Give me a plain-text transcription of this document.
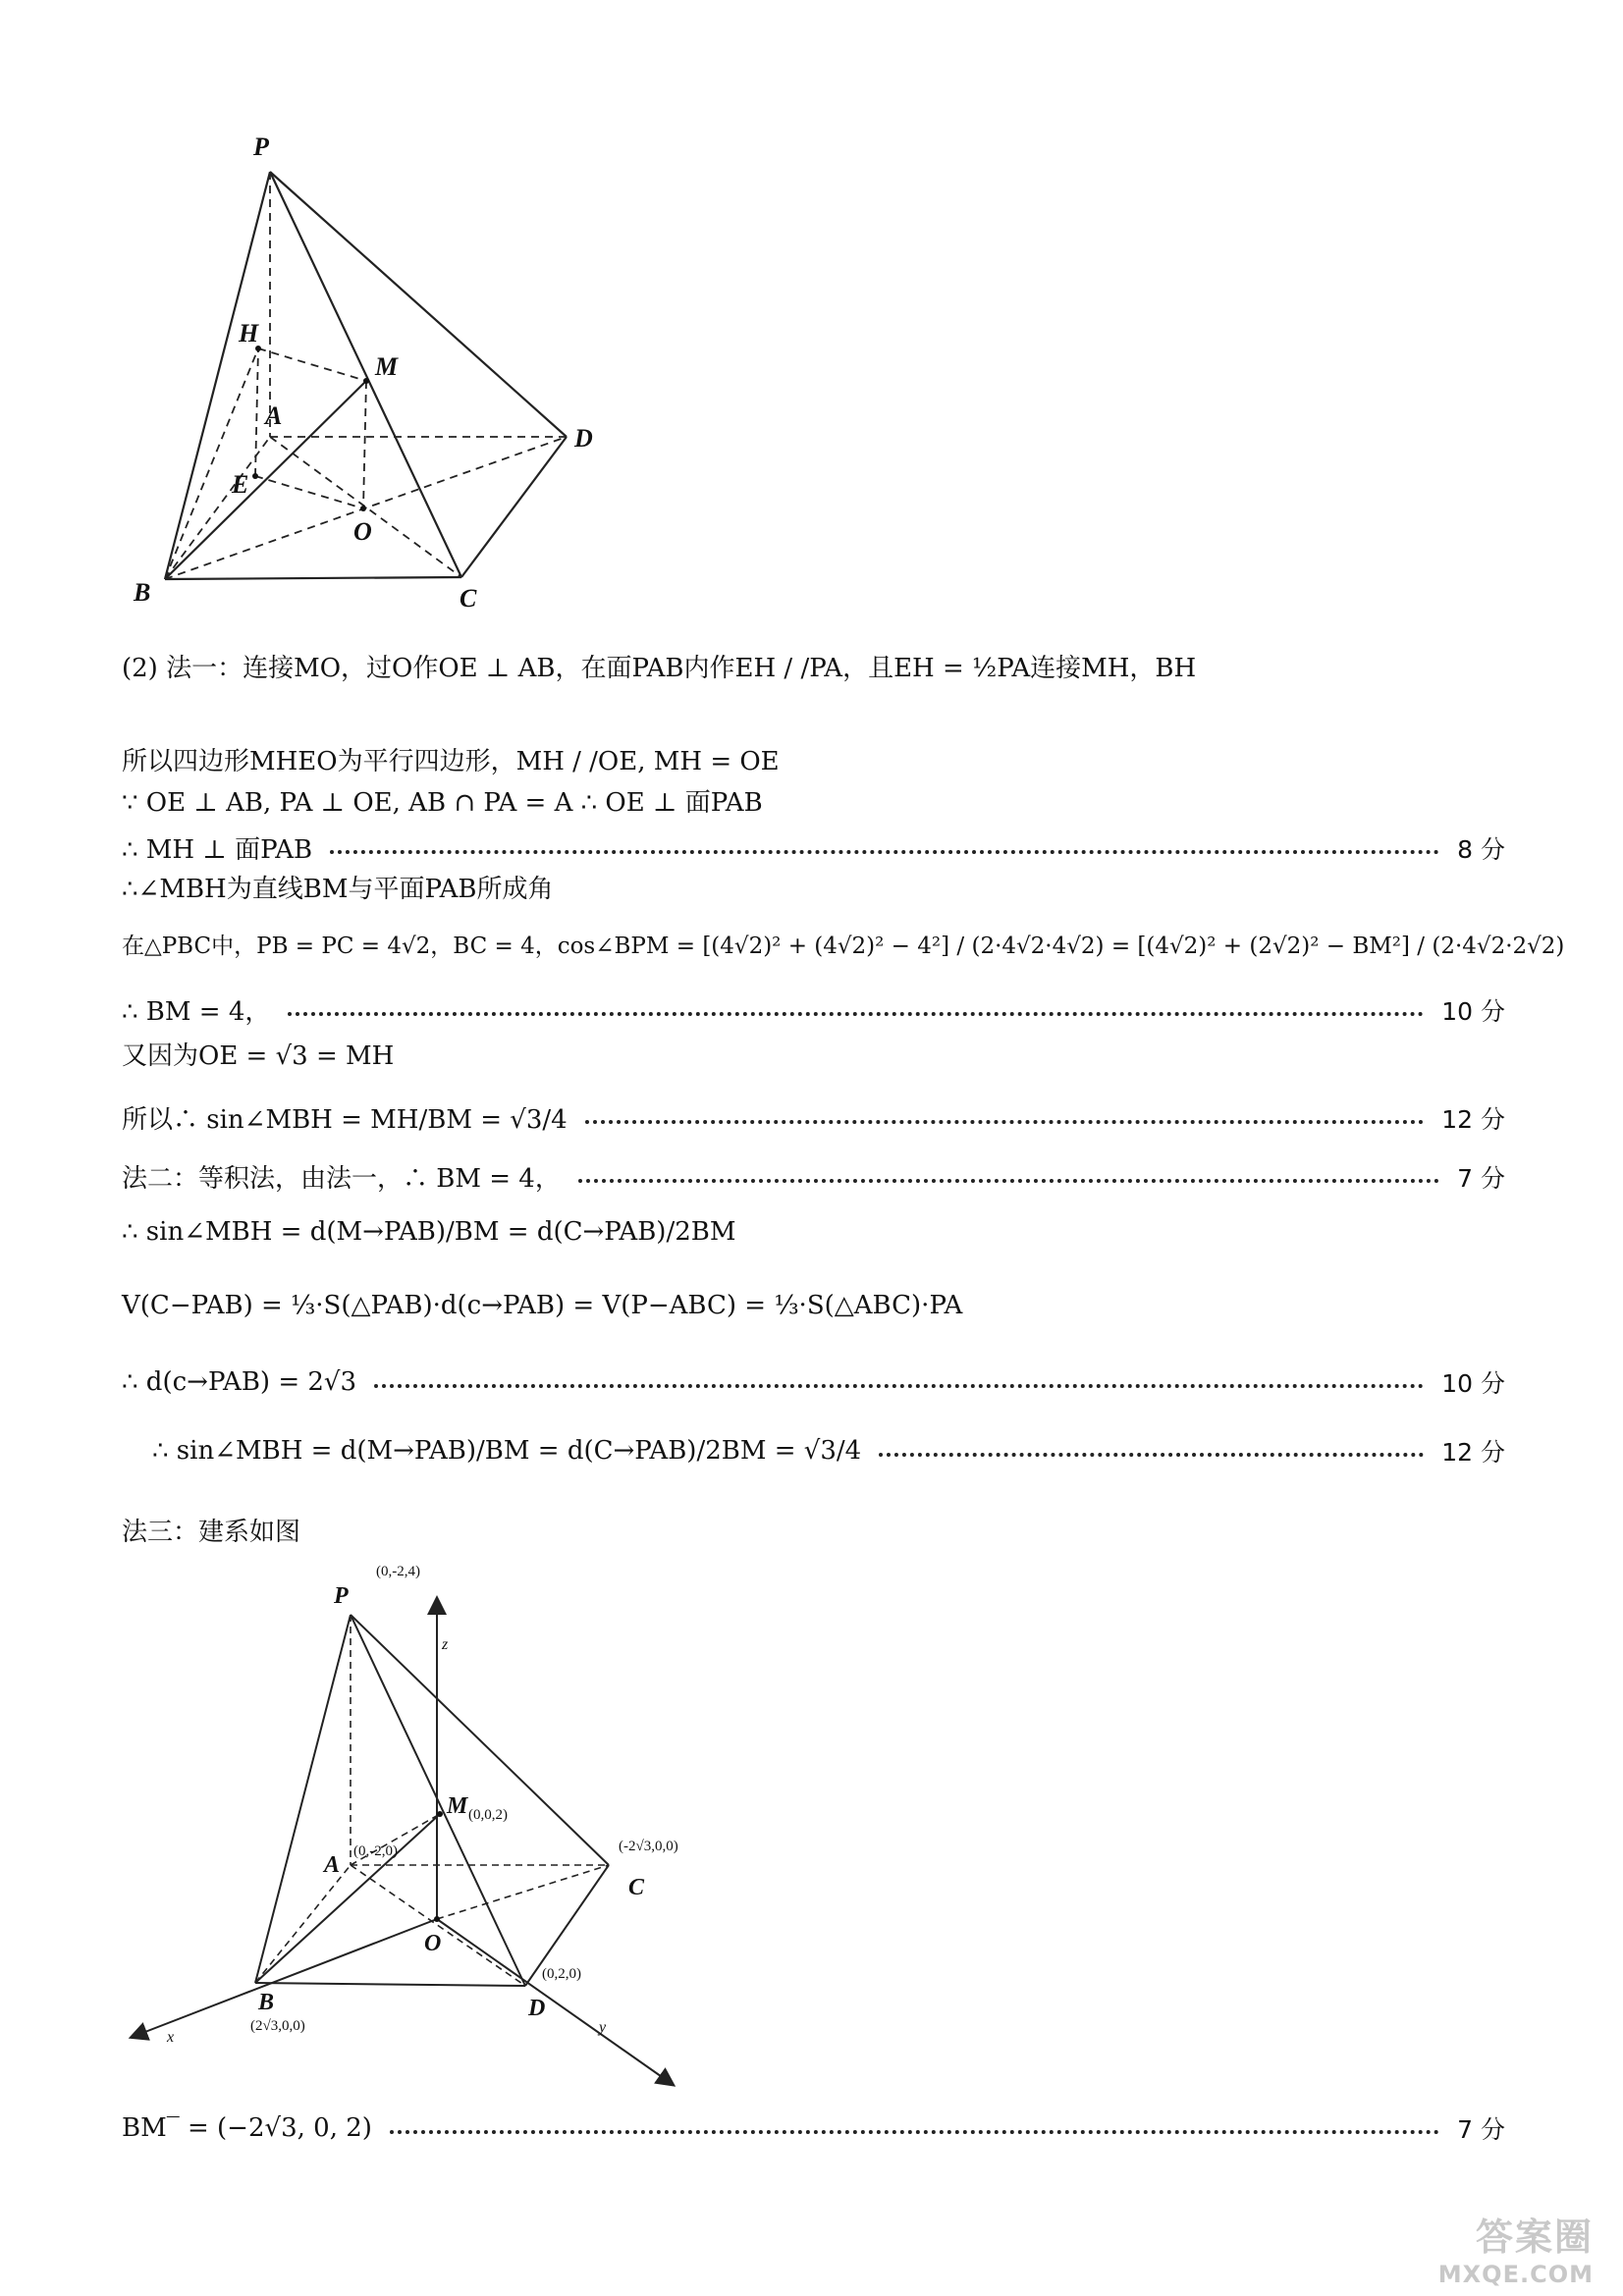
P
H
M
A
D
E
O
B	C
(2) 法一：连接MO，过O作OE ⊥ AB，在面PAB内作EH / /PA，且EH = ½PA连接MH，BH
所以四边形MHEO为平行四边形，MH / /OE, MH = OE
∵ OE ⊥ AB, PA ⊥ OE, AB ∩ PA = A ∴ OE ⊥ 面PAB
∴ MH ⊥ 面PAB	8 分
∴∠MBH为直线BM与平面PAB所成角
在△PBC中，PB = PC = 4√2，BC = 4，cos∠BPM = [(4√2)² + (4√2)² − 4²] / (2·4√2·4√2) = [(4√2)² + (2√2)² − BM²] / (2·4√2·2√2)
∴ BM = 4，	10 分
又因为OE = √3 = MH
所以∴ sin∠MBH = MH/BM = √3/4	12 分
法二：等积法，由法一，∴ BM = 4，	7 分
∴ sin∠MBH = d(M→PAB)/BM = d(C→PAB)/2BM
V(C−PAB) = ⅓·S(△PAB)·d(c→PAB) = V(P−ABC) = ⅓·S(△ABC)·PA
∴ d(c→PAB) = 2√3	10 分
∴ sin∠MBH = d(M→PAB)/BM = d(C→PAB)/2BM = √3/4	12 分
法三：建系如图
P
M
A
C
O
B	D
z
x
y
(0,-2,4)
(0,0,2)
(0,-2,0)	(-2√3,0,0)
(0,2,0)
(2√3,0,0)
BM‾ = (−2√3, 0, 2)	7 分
答案圈
MXQE.COM
